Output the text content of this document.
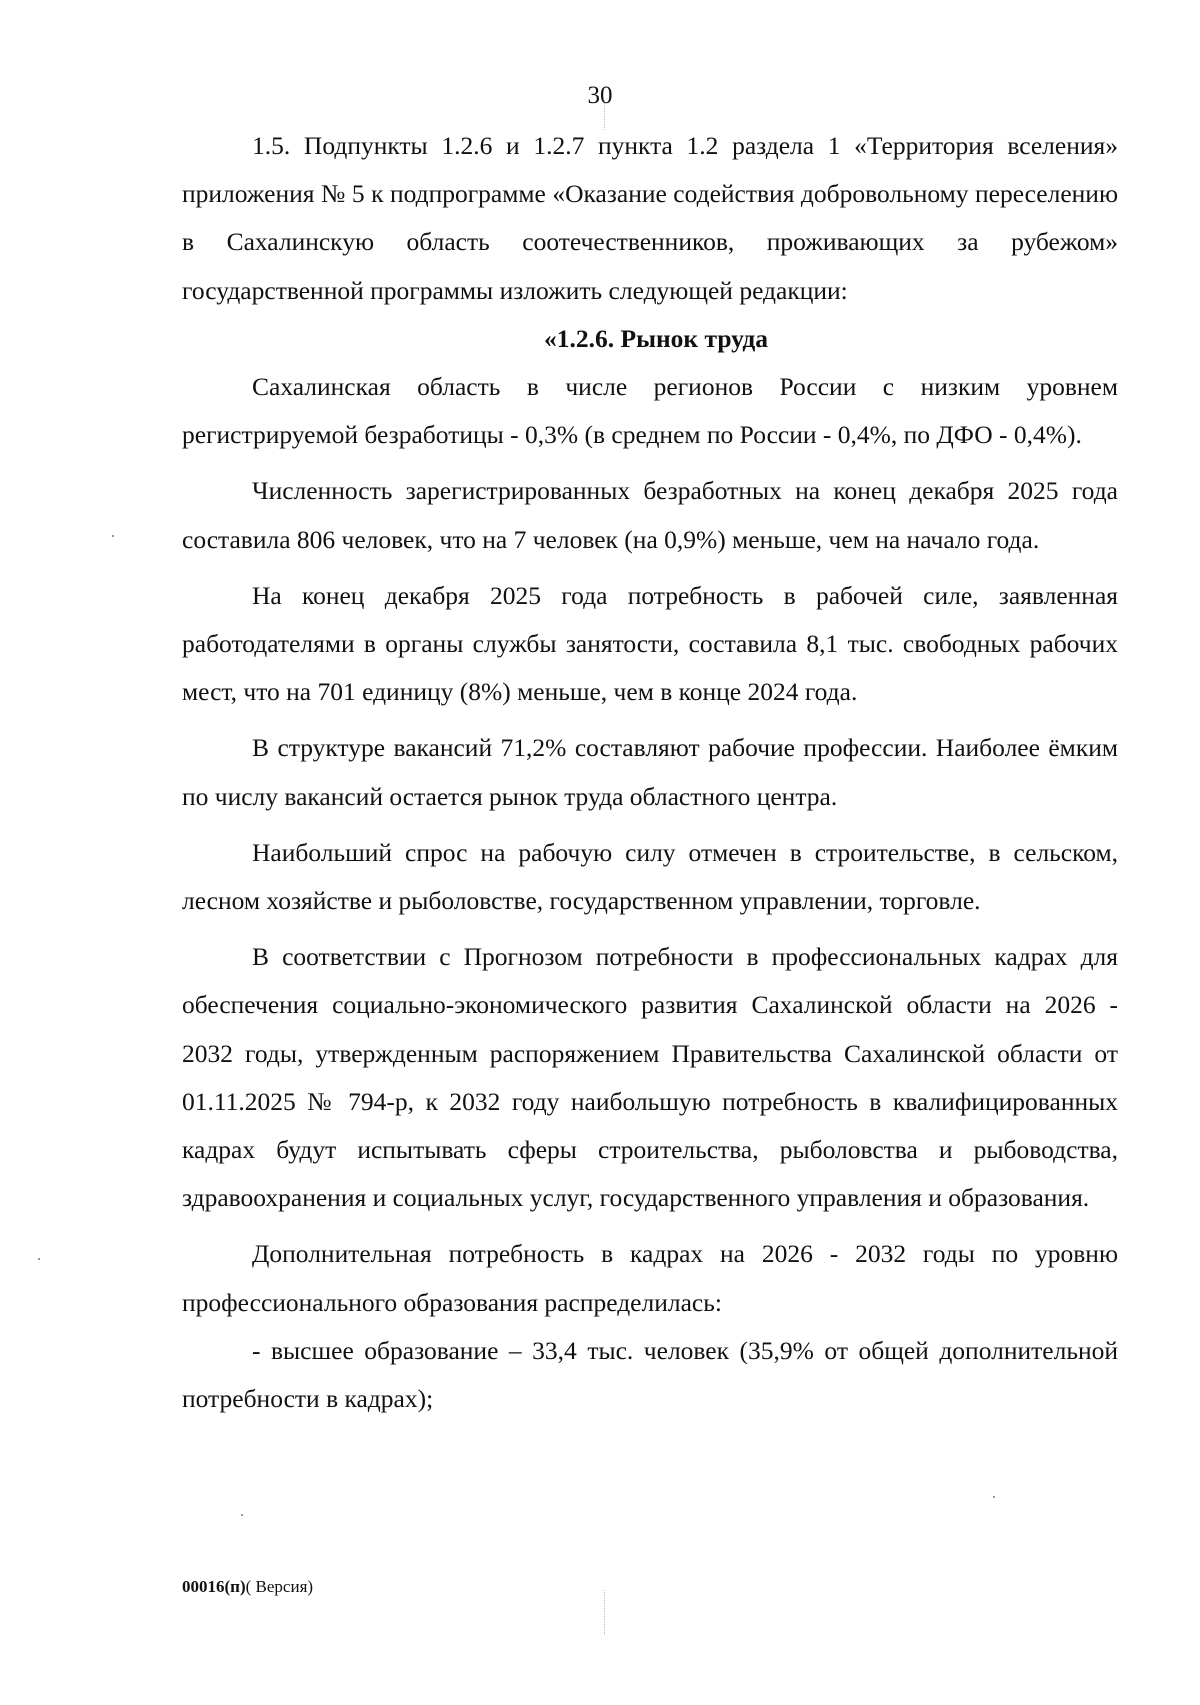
30

1.5. Подпункты 1.2.6 и 1.2.7 пункта 1.2 раздела 1 «Территория вселения» приложения № 5 к подпрограмме «Оказание содействия добровольному переселению в Сахалинскую область соотечественников, проживающих за рубежом» государственной программы изложить следующей редакции:

«1.2.6. Рынок труда

Сахалинская область в числе регионов России с низким уровнем регистрируемой безработицы - 0,3% (в среднем по России - 0,4%, по ДФО - 0,4%).

Численность зарегистрированных безработных на конец декабря 2025 года составила 806 человек, что на 7 человек (на 0,9%) меньше, чем на начало года.

На конец декабря 2025 года потребность в рабочей силе, заявленная работодателями в органы службы занятости, составила 8,1 тыс. свободных рабочих мест, что на 701 единицу (8%) меньше, чем в конце 2024 года.

В структуре вакансий 71,2% составляют рабочие профессии. Наиболее ёмким по числу вакансий остается рынок труда областного центра.

Наибольший спрос на рабочую силу отмечен в строительстве, в сельском, лесном хозяйстве и рыболовстве, государственном управлении, торговле.

В соответствии с Прогнозом потребности в профессиональных кадрах для обеспечения социально-экономического развития Сахалинской области на 2026 - 2032 годы, утвержденным распоряжением Правительства Сахалинской области от 01.11.2025 № 794-р, к 2032 году наибольшую потребность в квалифицированных кадрах будут испытывать сферы строительства, рыболовства и рыбоводства, здравоохранения и социальных услуг, государственного управления и образования.

Дополнительная потребность в кадрах на 2026 - 2032 годы по уровню профессионального образования распределилась:

- высшее образование – 33,4 тыс. человек (35,9% от общей дополнительной потребности в кадрах);

00016(п)( Версия)
